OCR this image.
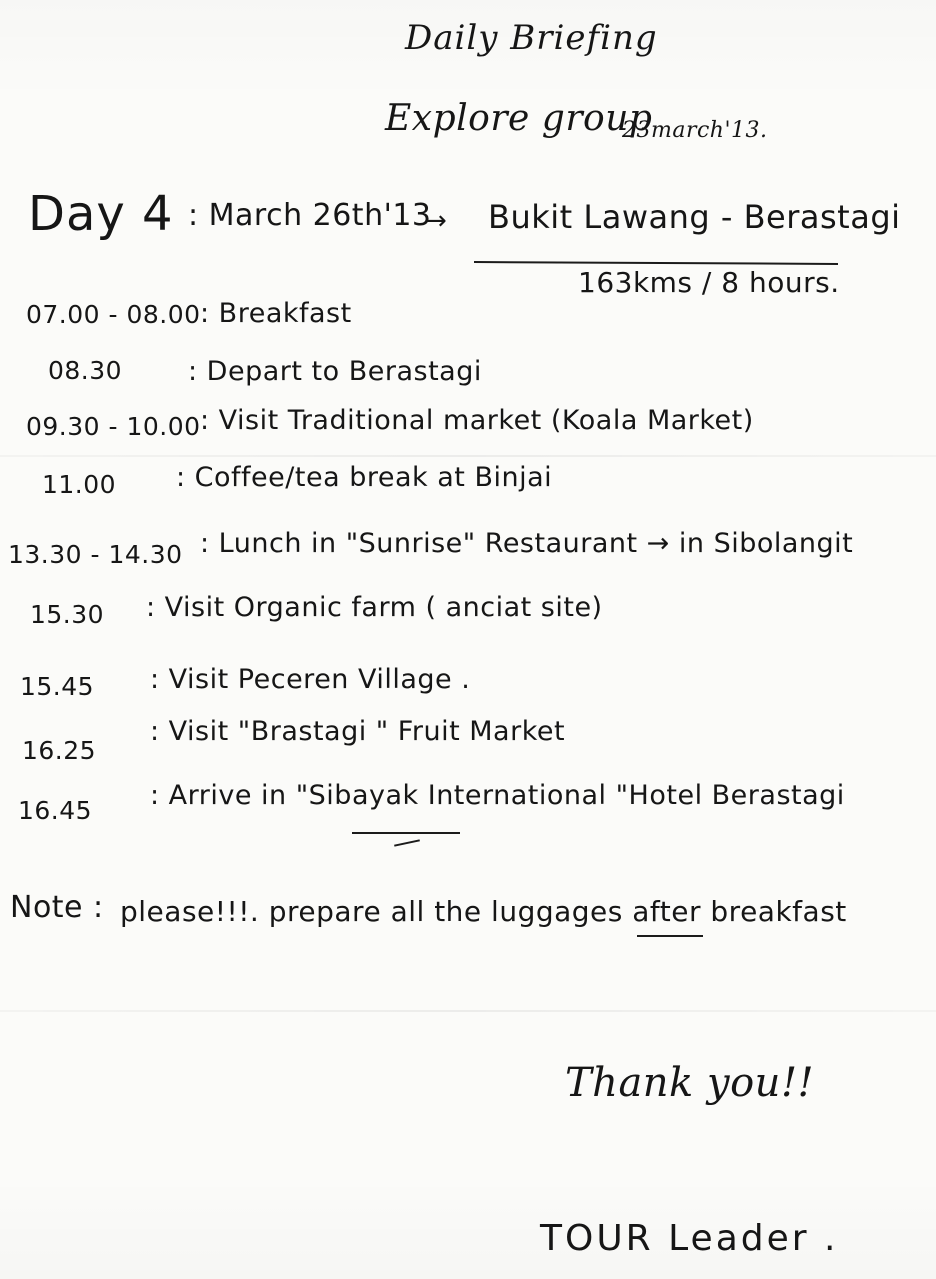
Daily Briefing
Explore group
23march'13.
Day 4 : March 26th'13
→ Bukit Lawang - Berastagi
163kms / 8 hours.
07.00 - 08.00 : Breakfast
08.30 : Depart to Berastagi
09.30 - 10.00 : Visit Traditional market (Koala Market)
11.00 : Coffee/tea break at Binjai
13.30 - 14.30 : Lunch in "Sunrise" Restaurant → in Sibolangit
15.30 : Visit Organic farm ( anciat site)
15.45 : Visit Peceren Village .
16.25
: Visit "Brastagi " Fruit Market
16.45 : Arrive in "Sibayak International "Hotel Berastagi
Note : please!!!. prepare all the luggages after breakfast
Thank you!!
TOUR Leader .
